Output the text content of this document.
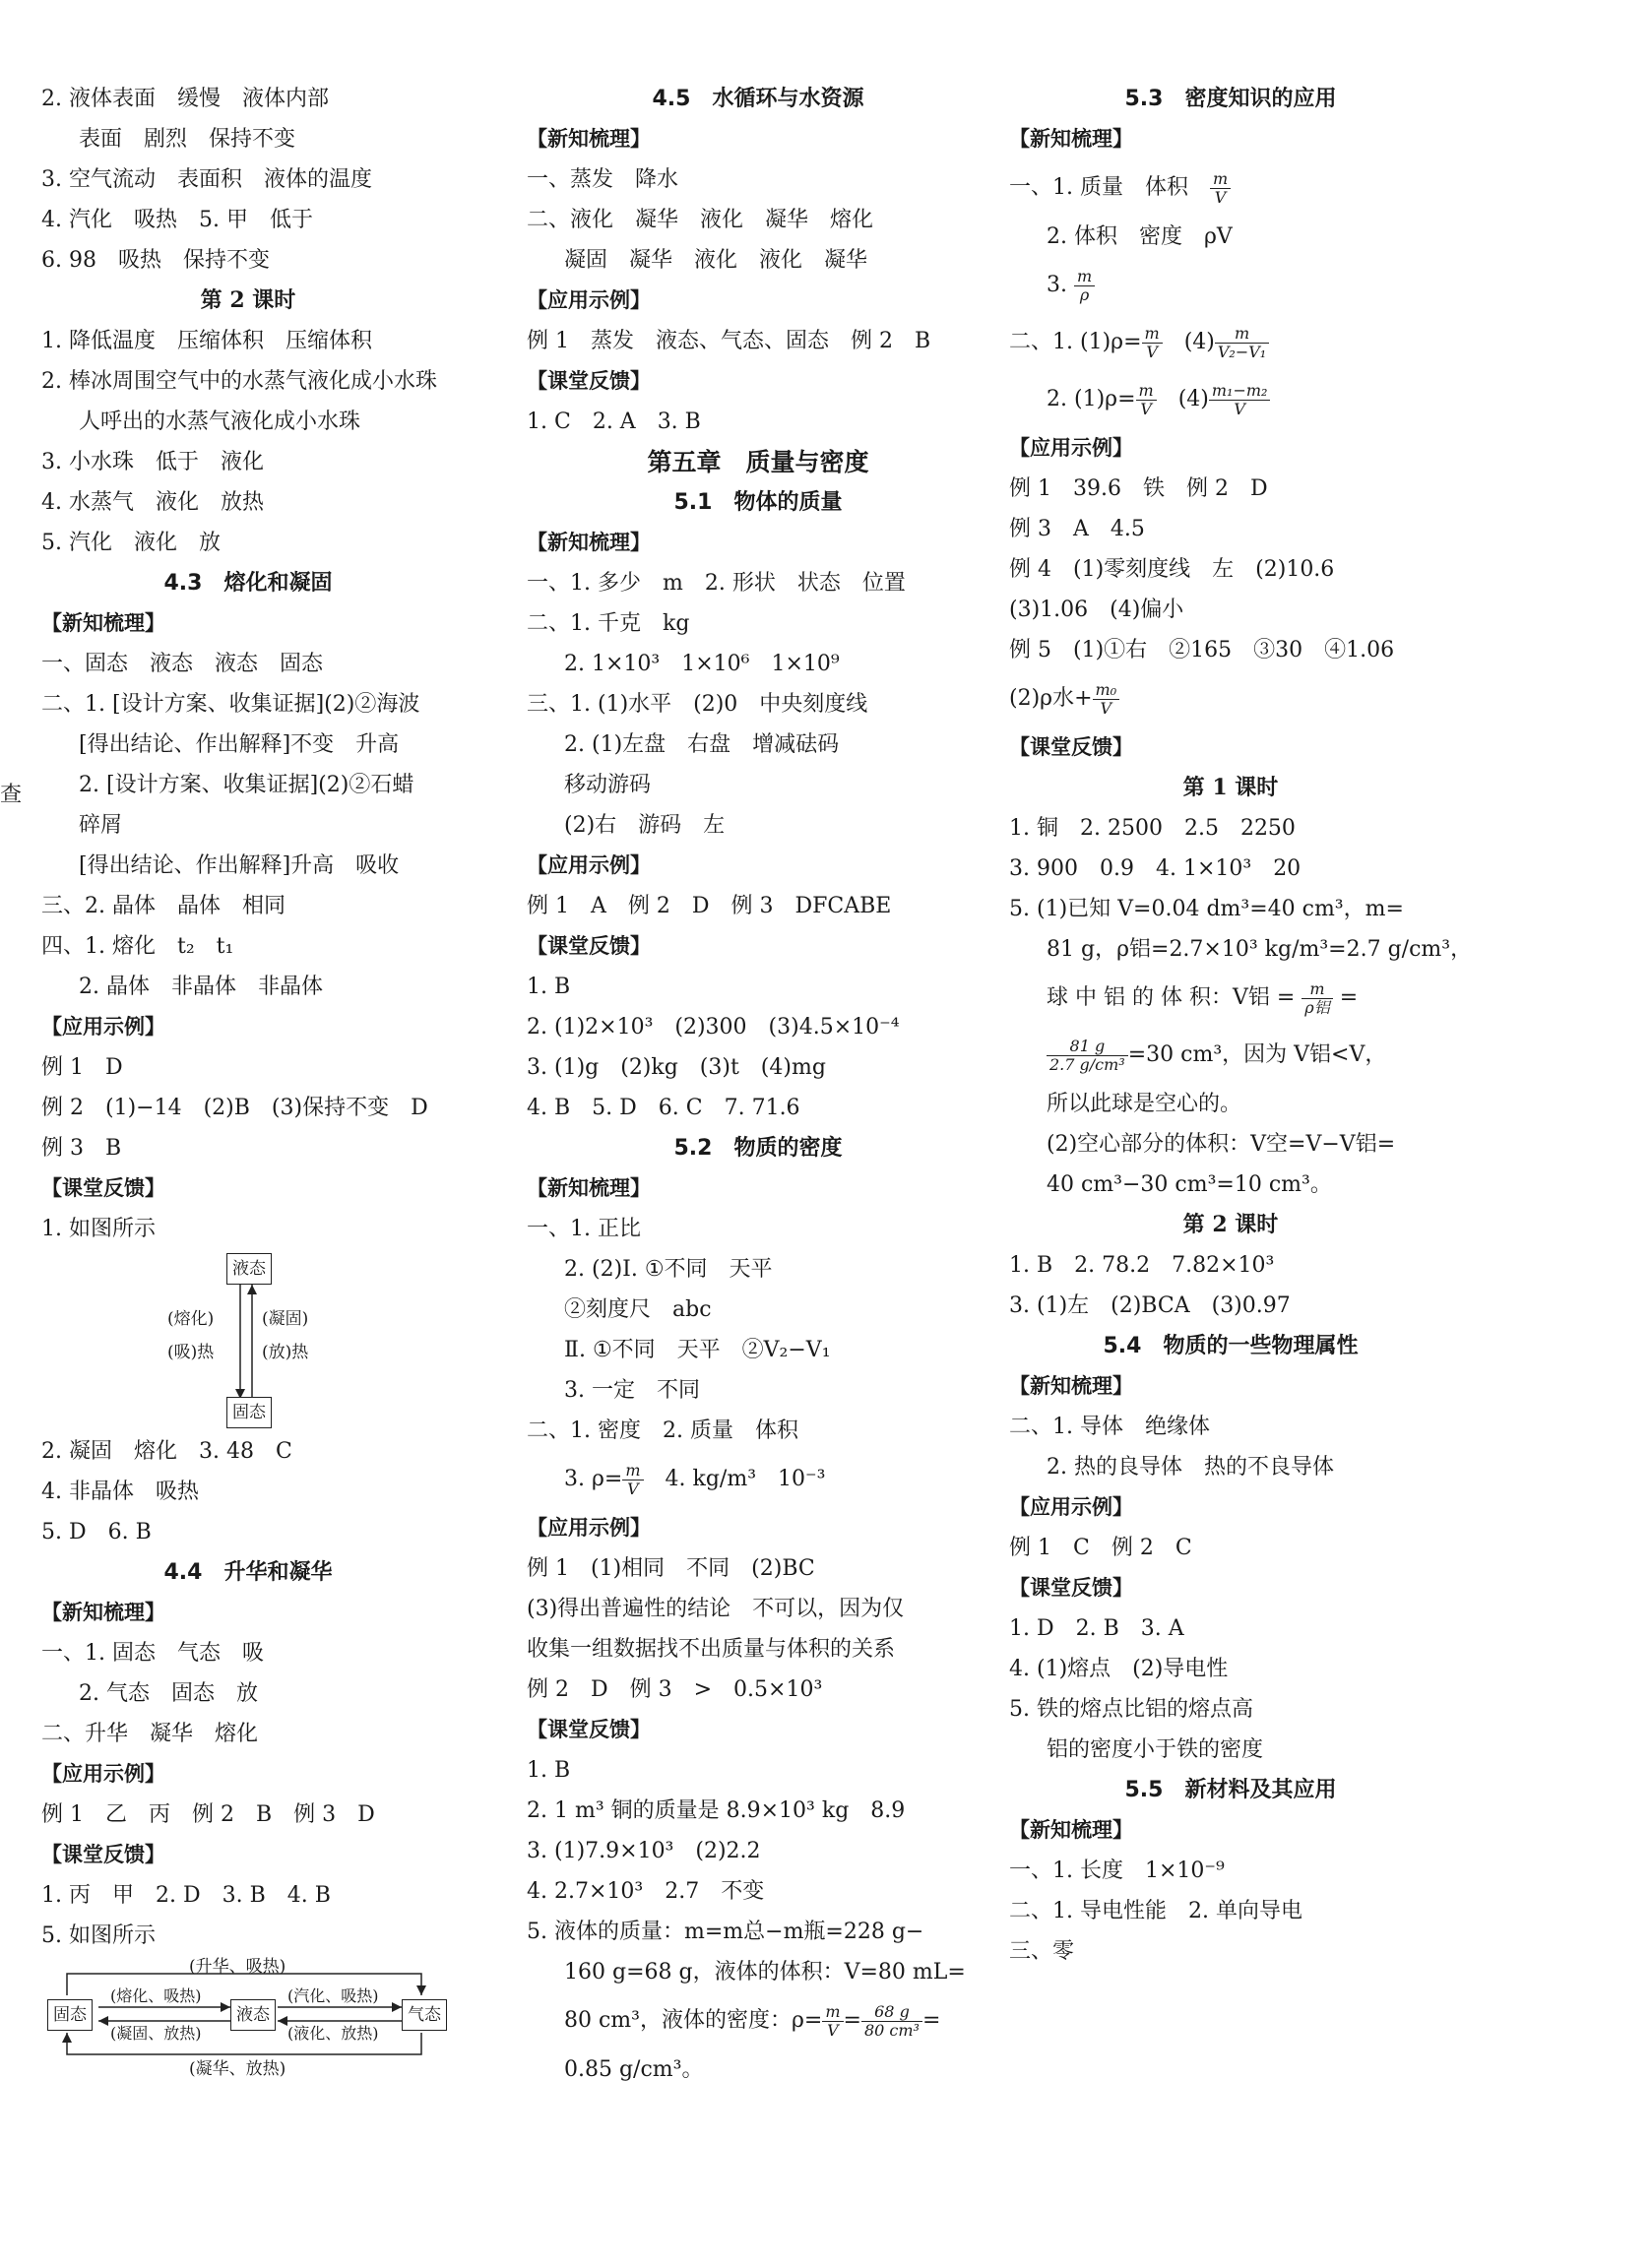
查
2. 液体表面　缓慢　液体内部
表面　剧烈　保持不变
3. 空气流动　表面积　液体的温度
4. 汽化　吸热　5. 甲　低于
6. 98　吸热　保持不变
第 2 课时
1. 降低温度　压缩体积　压缩体积
2. 棒冰周围空气中的水蒸气液化成小水珠
人呼出的水蒸气液化成小水珠
3. 小水珠　低于　液化
4. 水蒸气　液化　放热
5. 汽化　液化　放
4.3　熔化和凝固
【新知梳理】
一、固态　液态　液态　固态
二、1. [设计方案、收集证据](2)②海波
[得出结论、作出解释]不变　升高
2. [设计方案、收集证据](2)②石蜡
碎屑
[得出结论、作出解释]升高　吸收
三、2. 晶体　晶体　相同
四、1. 熔化　t₂　t₁
2. 晶体　非晶体　非晶体
【应用示例】
例 1　D
例 2　(1)−14　(2)B　(3)保持不变　D
例 3　B
【课堂反馈】
1. 如图所示
液态
固态
(熔化)
(吸)热
(凝固)
(放)热
2. 凝固　熔化　3. 48　C
4. 非晶体　吸热
5. D　6. B
4.4　升华和凝华
【新知梳理】
一、1. 固态　气态　吸
2. 气态　固态　放
二、升华　凝华　熔化
【应用示例】
例 1　乙　丙　例 2　B　例 3　D
【课堂反馈】
1. 丙　甲　2. D　3. B　4. B
5. 如图所示
(升华、吸热)
(凝华、放热)
固态	液态	气态
(熔化、吸热)
(凝固、放热)
(汽化、吸热)
(液化、放热)
4.5　水循环与水资源
【新知梳理】
一、蒸发　降水
二、液化　凝华　液化　凝华　熔化
凝固　凝华　液化　液化　凝华
【应用示例】
例 1　蒸发　液态、气态、固态　例 2　B
【课堂反馈】
1. C　2. A　3. B
第五章　质量与密度
5.1　物体的质量
【新知梳理】
一、1. 多少　m　2. 形状　状态　位置
二、1. 千克　kg
2. 1×10³　1×10⁶　1×10⁹
三、1. (1)水平　(2)0　中央刻度线
2. (1)左盘　右盘　增减砝码
移动游码
(2)右　游码　左
【应用示例】
例 1　A　例 2　D　例 3　DFCABE
【课堂反馈】
1. B
2. (1)2×10³　(2)300　(3)4.5×10⁻⁴
3. (1)g　(2)kg　(3)t　(4)mg
4. B　5. D　6. C　7. 71.6
5.2　物质的密度
【新知梳理】
一、1. 正比
2. (2)Ⅰ. ①不同　天平
②刻度尺　abc
Ⅱ. ①不同　天平　②V₂−V₁
3. 一定　不同
二、1. 密度　2. 质量　体积
3. $\rho= \frac{m}{V}$ 　4. kg/m³　10⁻³
【应用示例】
例 1　(1)相同　不同　(2)BC
(3)得出普遍性的结论　不可以，因为仅
收集一组数据找不出质量与体积的关系
例 2　D　例 3　>　0.5×10³
【课堂反馈】
1. B
2. 1 m³ 铜的质量是 8.9×10³ kg　8.9
3. (1)7.9×10³　(2)2.2
4. 2.7×10³　2.7　不变
5. 液体的质量：m=m总−m瓶=228 g−
160 g=68 g，液体的体积：V=80 mL=
80 cm³，液体的密度：$\rho= \frac{m}{V} = \frac{68 g}{\text{80 cm³}}$ =
0.85 g/cm³。
5.3　密度知识的应用
【新知梳理】
一、1. 质量　体积　 $\frac{m}{V}$
2. 体积　密度　ρV
3. $\frac{m}{\rho}$
二、1. $(1)\rho= \frac{m}{V}$ 　$(4) \frac{m}{\text{V₂−V₁}}$
2. $(1)\rho= \frac{m}{V}$ 　$(4) \frac{\text{m₁−m₂}}{V}$
【应用示例】
例 1　39.6　铁　例 2　D
例 3　A　4.5
例 4　(1)零刻度线　左　(2)10.6
(3)1.06　(4)偏小
例 5　(1)①右　②165　③30　④1.06
(2)ρ水+ $\frac{\text{m₀}}{V}$
【课堂反馈】
第 1 课时
1. 铜　2. 2500　2.5　2250
3. 900　0.9　4. 1×10³　20
5. (1)已知 V=0.04 dm³=40 cm³，m=
81 g，ρ铝=2.7×10³ kg/m³=2.7 g/cm³，
球 中 铝 的 体 积：V铝 = $\frac{m}{\text{ρ铝}}$ =
$\frac{81 g}{\text{2.7 g/cm³}} =30$ cm³，因为 V铝<V，
所以此球是空心的。
(2)空心部分的体积：V空=V−V铝=
40 cm³−30 cm³=10 cm³。
第 2 课时
1. B　2. 78.2　7.82×10³
3. (1)左　(2)BCA　(3)0.97
5.4　物质的一些物理属性
【新知梳理】
二、1. 导体　绝缘体
2. 热的良导体　热的不良导体
【应用示例】
例 1　C　例 2　C
【课堂反馈】
1. D　2. B　3. A
4. (1)熔点　(2)导电性
5. 铁的熔点比铝的熔点高
铝的密度小于铁的密度
5.5　新材料及其应用
【新知梳理】
一、1. 长度　1×10⁻⁹
二、1. 导电性能　2. 单向导电
三、零
